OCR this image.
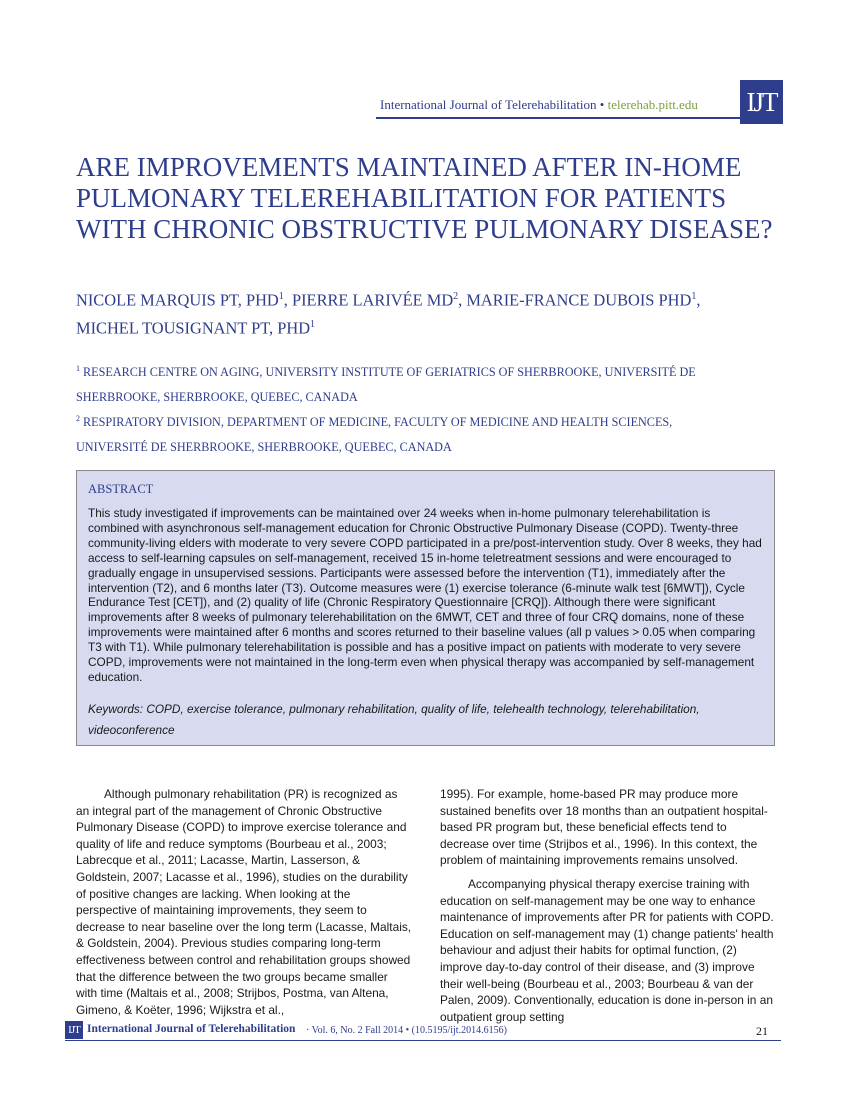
International Journal of Telerehabilitation • telerehab.pitt.edu IJT
ARE IMPROVEMENTS MAINTAINED AFTER IN-HOME PULMONARY TELEREHABILITATION FOR PATIENTS WITH CHRONIC OBSTRUCTIVE PULMONARY DISEASE?
NICOLE MARQUIS PT, PHD$^1$, PIERRE LARIVÉE $MD^2$, MARIE-FRANCE DUBOIS PHD$^1$,
MICHEL TOUSIGNANT PT, PHD$^1$
$^1$ RESEARCH CENTRE ON AGING, UNIVERSITY INSTITUTE OF GERIATRICS OF SHERBROOKE, UNIVERSITÉ DE
SHERBROOKE, SHERBROOKE, QUEBEC, CANADA
$^2$ RESPIRATORY DIVISION, DEPARTMENT OF MEDICINE, FACULTY OF MEDICINE AND HEALTH SCIENCES,
UNIVERSITÉ DE SHERBROOKE, SHERBROOKE, QUEBEC, CANADA
ABSTRACT
This study investigated if improvements can be maintained over 24 weeks when in-home pulmonary telerehabilitation is combined with asynchronous self-management education for Chronic Obstructive Pulmonary Disease (COPD). Twenty-three community-living elders with moderate to very severe COPD participated in a pre/post-intervention study. Over 8 weeks, they had access to self-learning capsules on self-management, received 15 in-home teletreatment sessions and were encouraged to gradually engage in unsupervised sessions. Participants were assessed before the intervention (T1), immediately after the intervention (T2), and 6 months later (T3). Outcome measures were (1) exercise tolerance (6-minute walk test [6MWT]), Cycle Endurance Test [CET]), and (2) quality of life (Chronic Respiratory Questionnaire [CRQ]). Although there were significant improvements after 8 weeks of pulmonary telerehabilitation on the 6MWT, CET and three of four CRQ domains, none of these improvements were maintained after 6 months and scores returned to their baseline values (all p values > 0.05 when comparing T3 with T1). While pulmonary telerehabilitation is possible and has a positive impact on patients with moderate to very severe COPD, improvements were not maintained in the long-term even when physical therapy was accompanied by self-management education.
Keywords: COPD, exercise tolerance, pulmonary rehabilitation, quality of life, telehealth technology, telerehabilitation, videoconference

Although pulmonary rehabilitation (PR) is recognized as an integral part of the management of Chronic Obstructive Pulmonary Disease (COPD) to improve exercise tolerance and quality of life and reduce symptoms (Bourbeau et al., 2003; Labrecque et al., 2011; Lacasse, Martin, Lasserson, & Goldstein, 2007; Lacasse et al., 1996), studies on the durability of positive changes are lacking. When looking at the perspective of maintaining improvements, they seem to decrease to near baseline over the long term (Lacasse, Maltais, & Goldstein, 2004). Previous studies comparing long-term effectiveness between control and rehabilitation groups showed that the difference between the two groups became smaller with time (Maltais et al., 2008; Strijbos, Postma, van Altena, Gimeno, & Koëter, 1996; Wijkstra et al.,

1995). For example, home-based PR may produce more sustained benefits over 18 months than an outpatient hospital-based PR program but, these beneficial effects tend to decrease over time (Strijbos et al., 1996). In this context, the problem of maintaining improvements remains unsolved.

Accompanying physical therapy exercise training with education on self-management may be one way to enhance maintenance of improvements after PR for patients with COPD. Education on self-management may (1) change patients' health behaviour and adjust their habits for optimal function, (2) improve day-to-day control of their disease, and (3) improve their well-being (Bourbeau et al., 2003; Bourbeau & van der Palen, 2009). Conventionally, education is done in-person in an outpatient group setting

IJT International Journal of Telerehabilitation · Vol. 6, No. 2 Fall 2014 • (10.5195/ijt.2014.6156)	21
